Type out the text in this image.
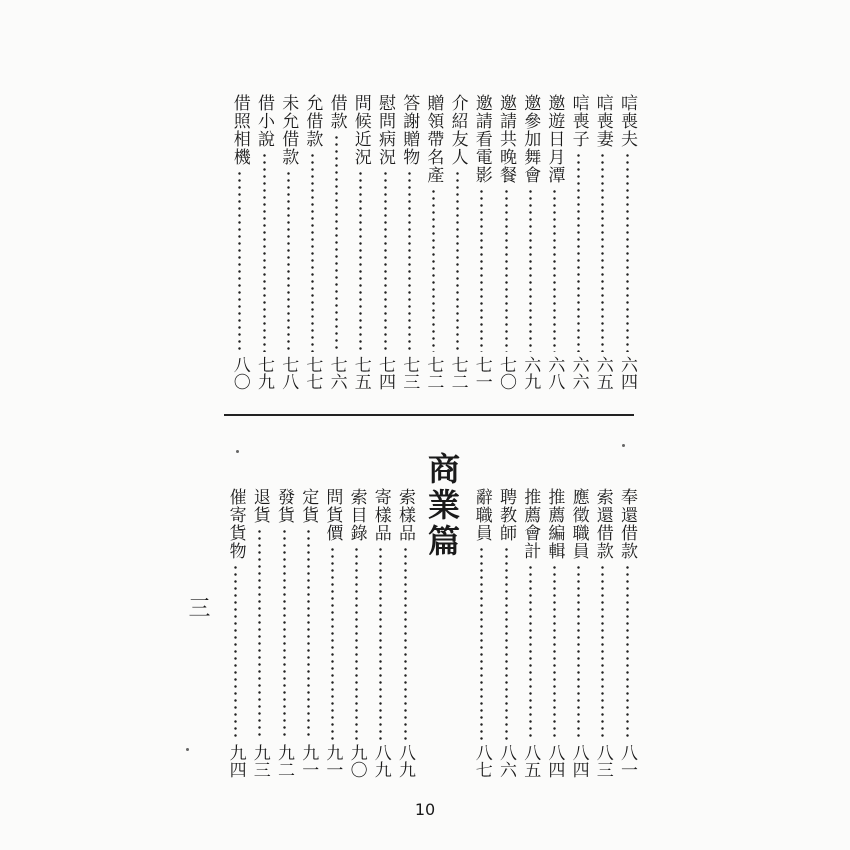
唁喪夫
六四
唁喪妻
六五
唁喪子
六六
邀遊日月潭
六八
邀參加舞會
六九
邀請共晚餐
七〇
邀請看電影
七一
介紹友人
七二
贈領帶名產
七二
答謝贈物
七三
慰問病況
七四
問候近況
七五
借款
七六
允借款
七七
未允借款
七八
借小說
七九
借照相機
八〇
商業篇	奉還借款
八一
索還借款
八三
應徵職員
八四
推薦編輯
八四
推薦會計
八五
聘教師
八六
辭職員
八七
索樣品
八九
寄樣品
八九
索目錄
九〇
問貨價
九一
定貨
九一
發貨
九二
退貨
九三
催寄貨物
九四
三
10
